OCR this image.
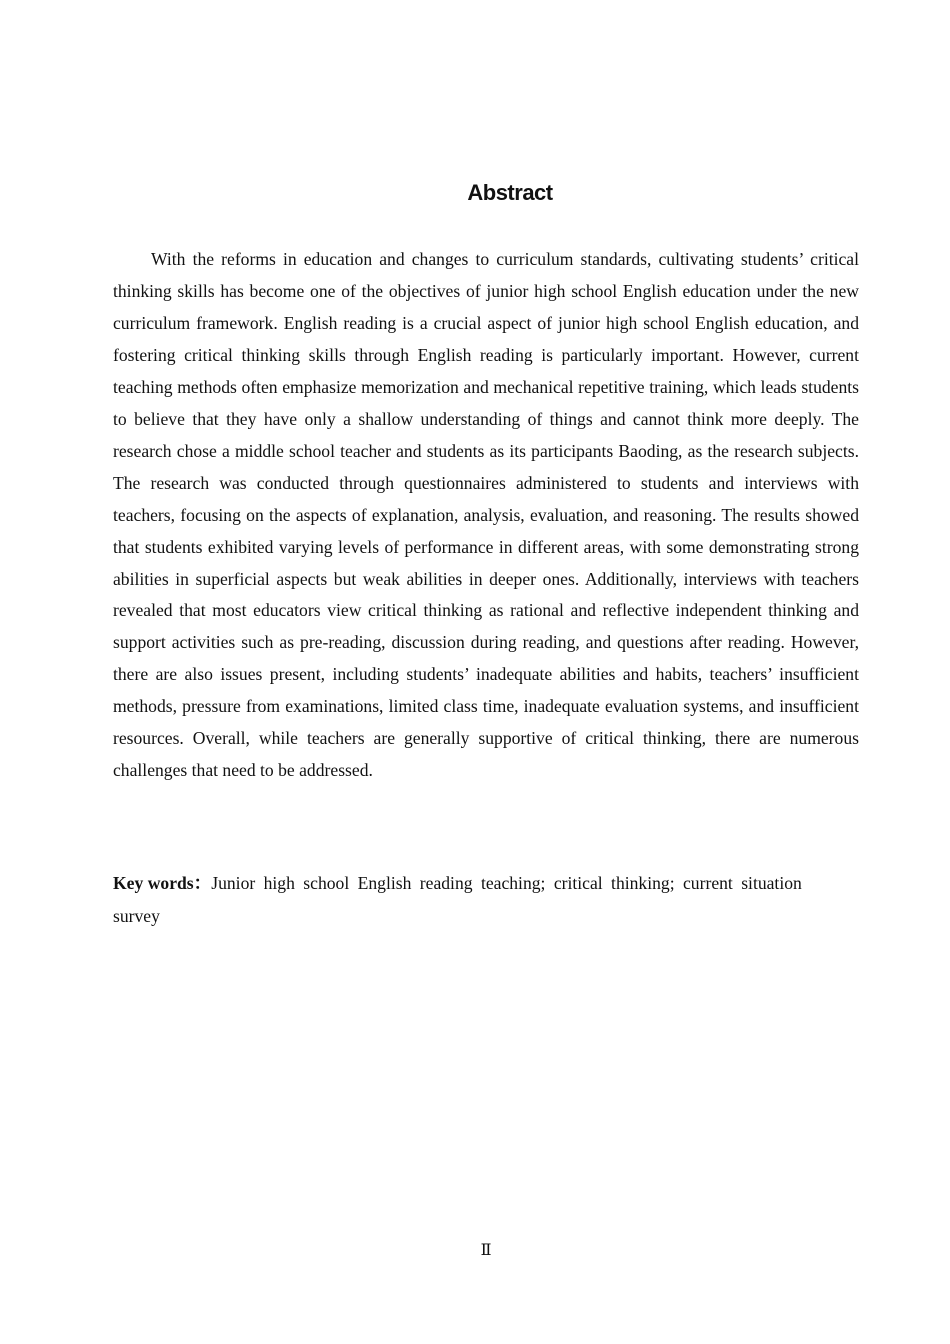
Abstract

With the reforms in education and changes to curriculum standards, cultivating students’ critical thinking skills has become one of the objectives of junior high school English education under the new curriculum framework. English reading is a crucial aspect of junior high school English education, and fostering critical thinking skills through English reading is particularly important. However, current teaching methods often emphasize memorization and mechanical repetitive training, which leads students to believe that they have only a shallow understanding of things and cannot think more deeply. The research chose a middle school teacher and students as its participants Baoding, as the research subjects. The research was conducted through questionnaires administered to students and interviews with teachers, focusing on the aspects of explanation, analysis, evaluation, and reasoning. The results showed that students exhibited varying levels of performance in different areas, with some demonstrating strong abilities in superficial aspects but weak abilities in deeper ones. Additionally, interviews with teachers revealed that most educators view critical thinking as rational and reflective independent thinking and support activities such as pre-reading, discussion during reading, and questions after reading. However, there are also issues present, including students’ inadequate abilities and habits, teachers’ insufficient methods, pressure from examinations, limited class time, inadequate evaluation systems, and insufficient resources. Overall, while teachers are generally supportive of critical thinking, there are numerous challenges that need to be addressed.

Key words：Junior high school English reading teaching; critical thinking; current situation survey

Ⅱ
